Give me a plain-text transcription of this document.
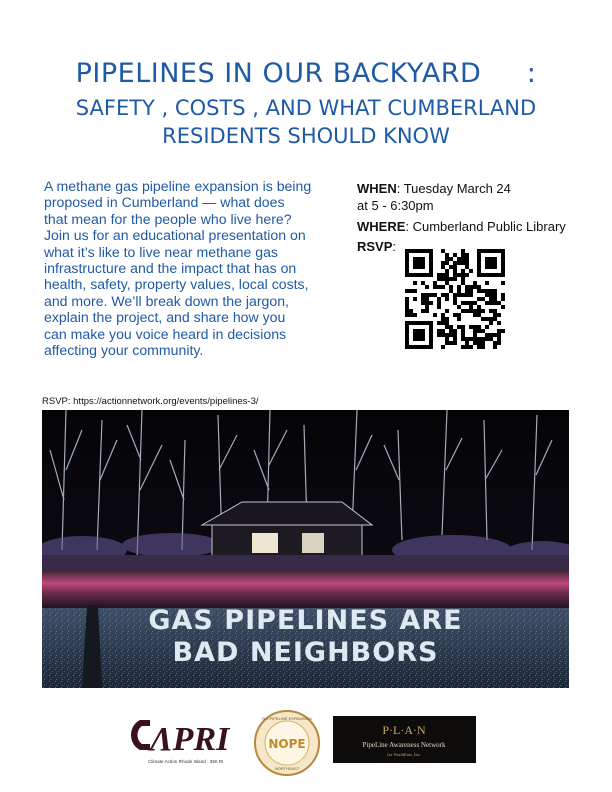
PIPELINES IN OUR BACKYARD     :
SAFETY , COSTS , AND WHAT CUMBERLAND
RESIDENTS SHOULD KNOW
A methane gas pipeline expansion is being
proposed in Cumberland — what does
that mean for the people who live here?
Join us for an educational presentation on
what it’s like to live near methane gas
infrastructure and the impact that has on
health, safety, property values, local costs,
and more. We’ll break down the jargon,
explain the project, and share how you
can make you voice heard in decisions
affecting your community.
WHEN: Tuesday March 24
at 5 - 6:30pm
WHERE: Cumberland Public Library
RSVP:
RSVP: https://actionnetwork.org/events/pipelines-3/
GAS PIPELINES ARE
BAD NEIGHBORS
ΛPRI
Climate Action Rhode Island · 350 RI
NOPE
NO PIPELINE EXPANSION
NORTHEAST
P·L·A·N
PipeLine Awareness Network
for NorthEast, Inc.
